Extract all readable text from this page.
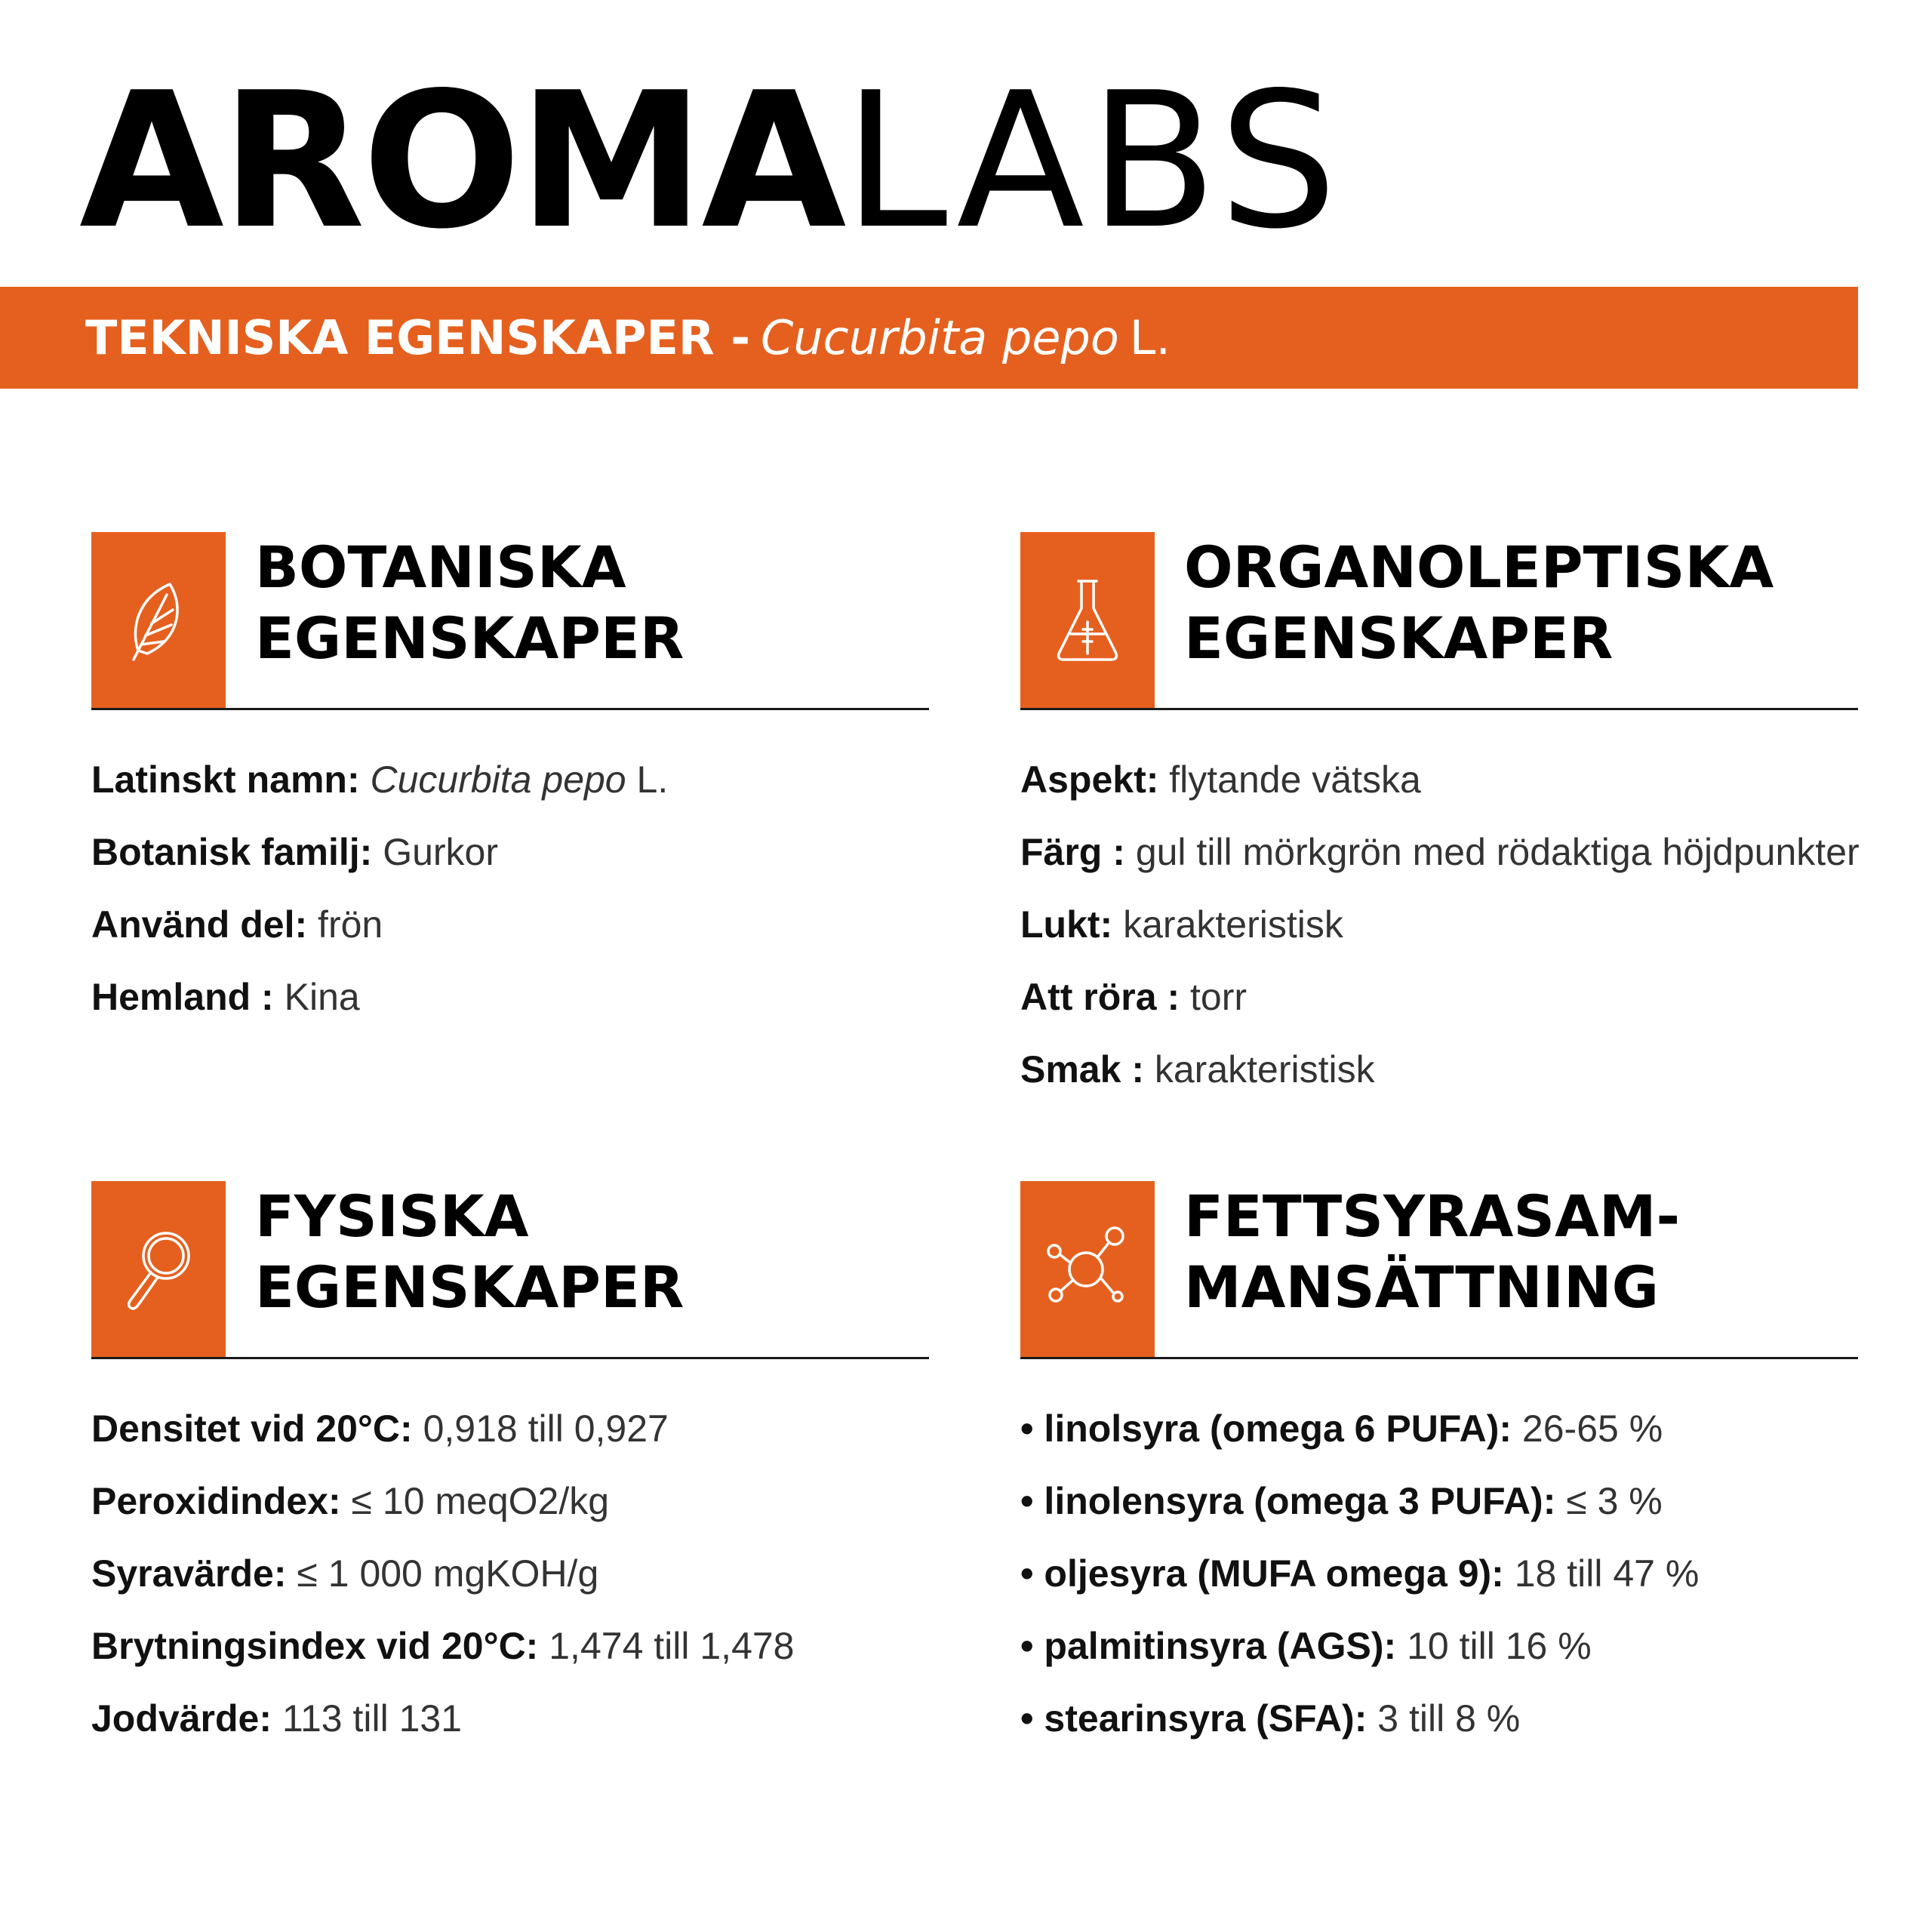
AROMALABS
TEKNISKA EGENSKAPER - Cucurbita pepo L.
BOTANISKA
EGENSKAPER
Latinskt namn: Cucurbita pepo L.
Botanisk familj: Gurkor
Använd del: frön
Hemland : Kina
ORGANOLEPTISKA
EGENSKAPER
Aspekt: flytande vätska
Färg : gul till mörkgrön med rödaktiga höjdpunkter
Lukt: karakteristisk
Att röra : torr
Smak : karakteristisk
FYSISKA
EGENSKAPER
Densitet vid 20°C: 0,918 till 0,927
Peroxidindex: ≤ 10 meqO2/kg
Syravärde: ≤ 1 000 mgKOH/g
Brytningsindex vid 20°C: 1,474 till 1,478
Jodvärde: 113 till 131
FETTSYRASAM-
MANSÄTTNING
• linolsyra (omega 6 PUFA): 26-65 %
• linolensyra (omega 3 PUFA): ≤ 3 %
• oljesyra (MUFA omega 9): 18 till 47 %
• palmitinsyra (AGS): 10 till 16 %
• stearinsyra (SFA): 3 till 8 %
